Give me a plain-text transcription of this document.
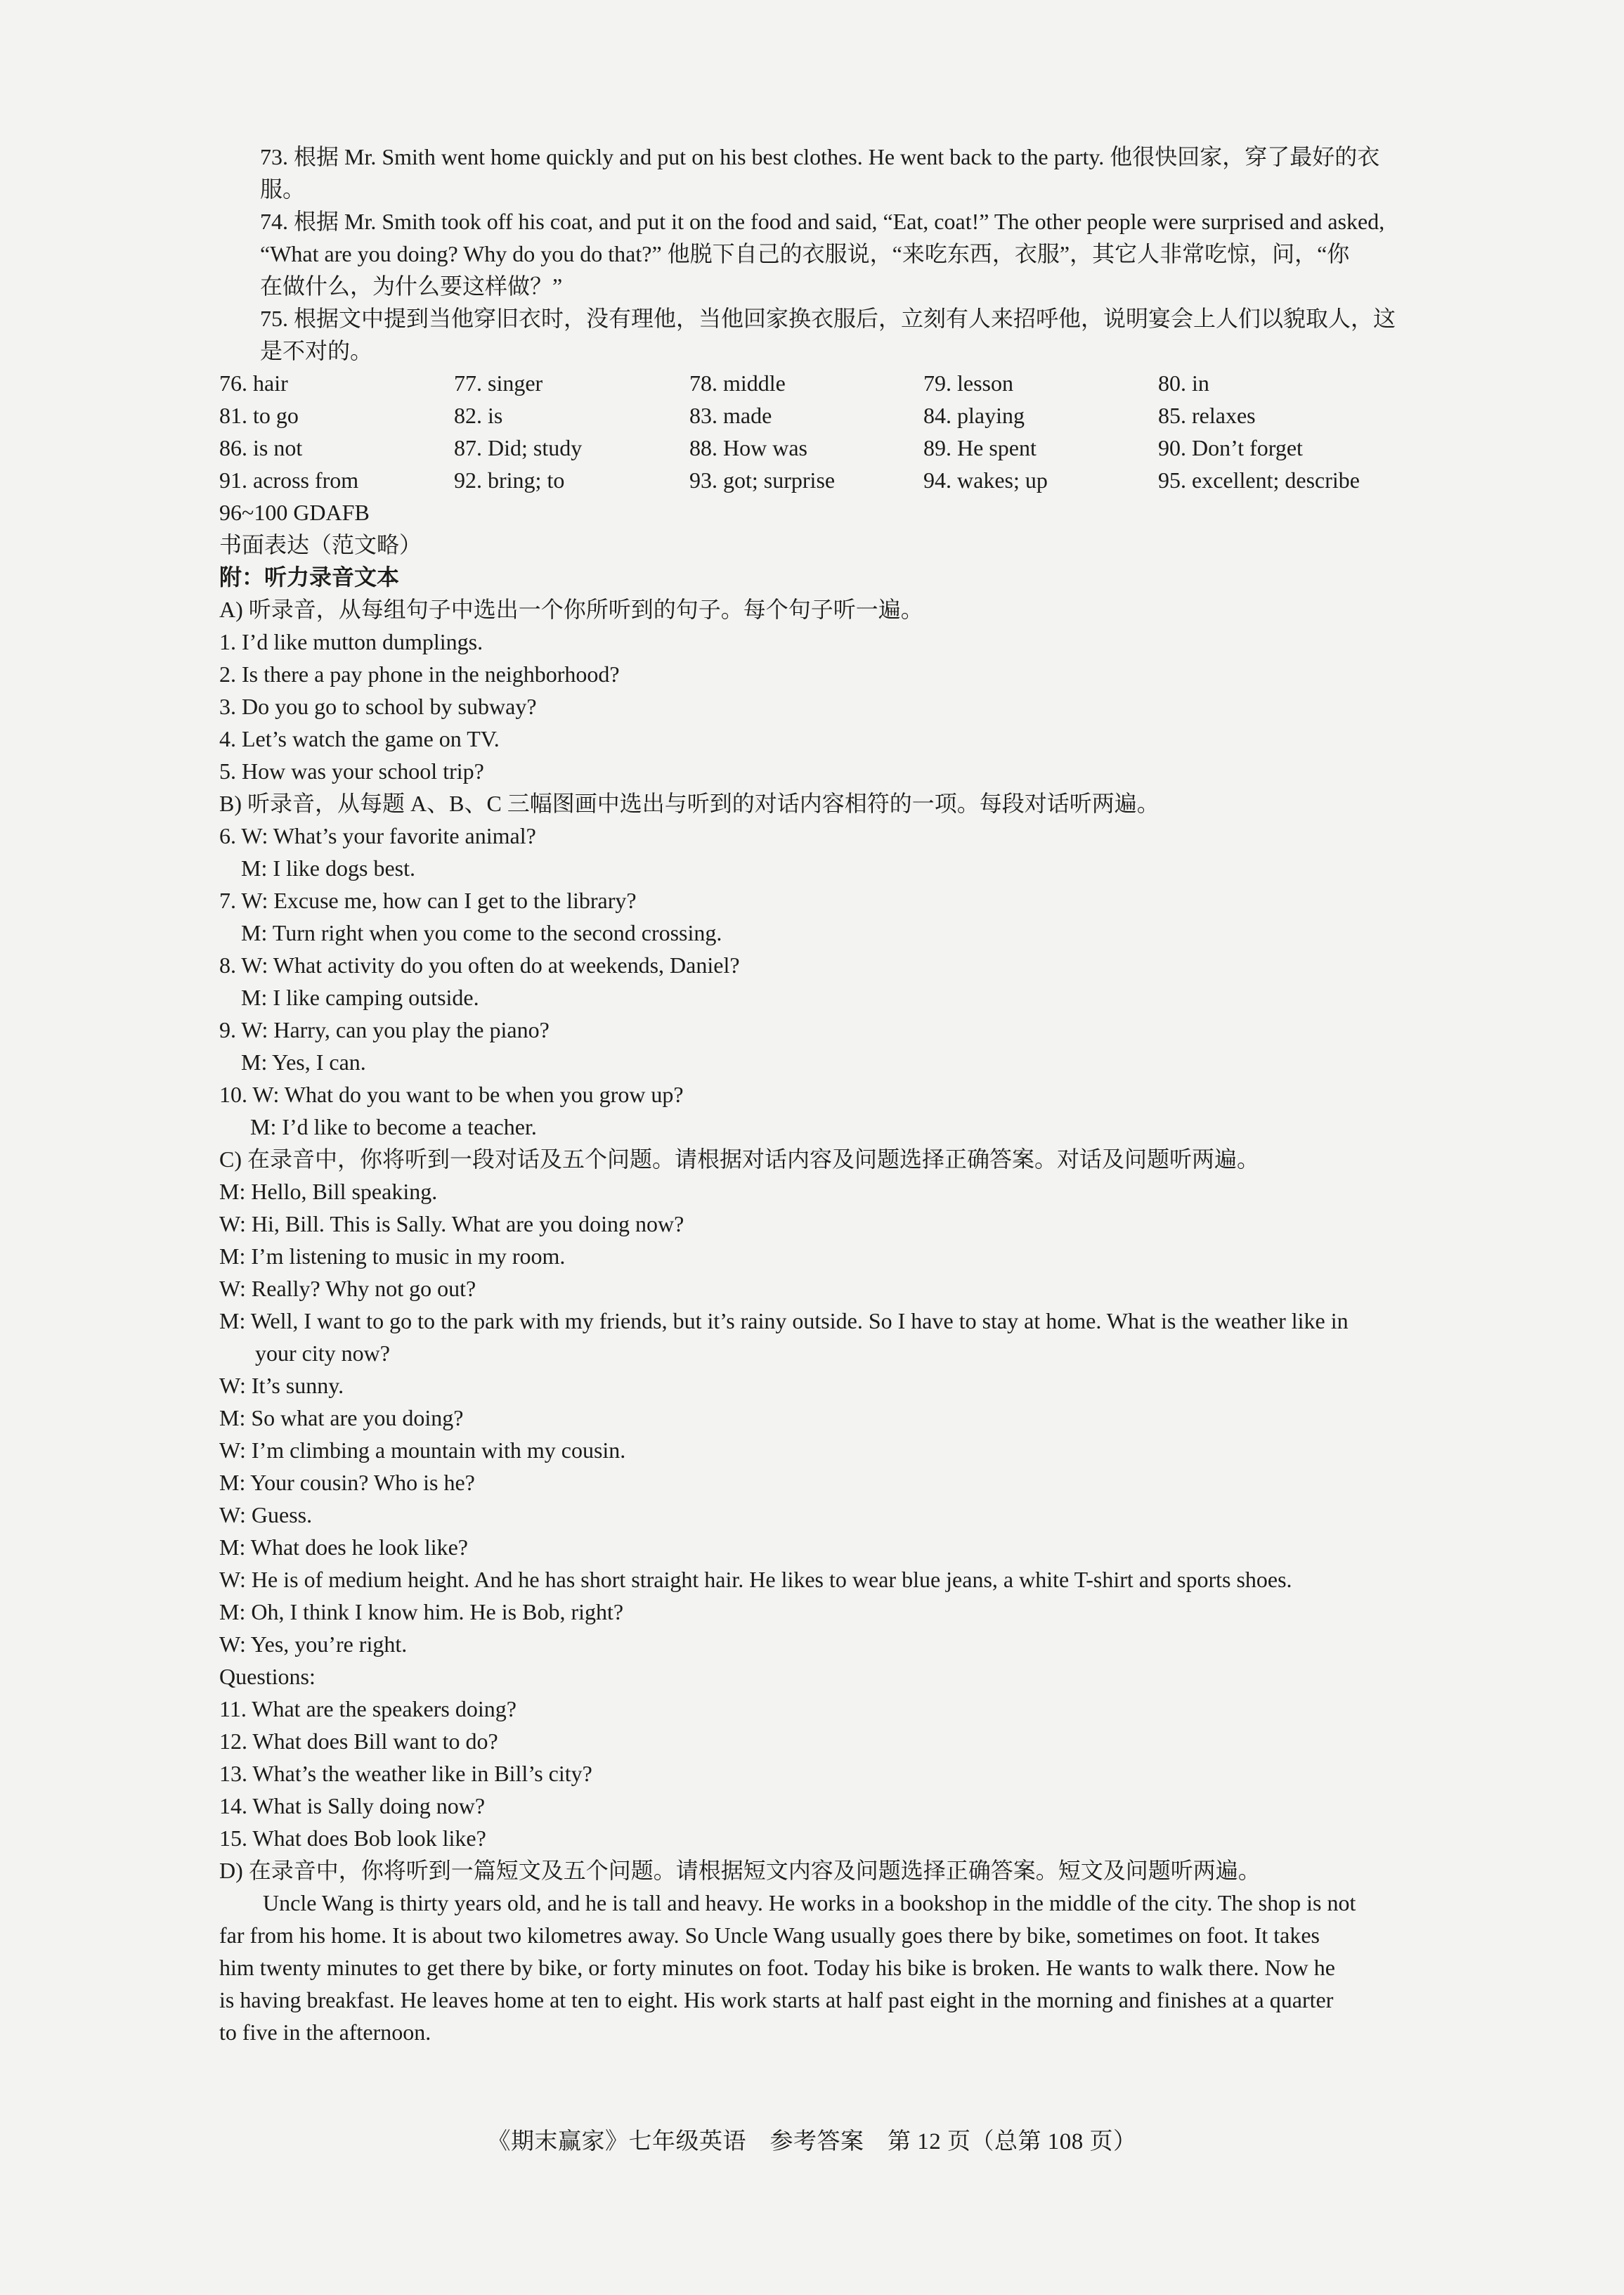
73. 根据 Mr. Smith went home quickly and put on his best clothes. He went back to the party. 他很快回家，穿了最好的衣
服。
74. 根据 Mr. Smith took off his coat, and put it on the food and said, “Eat, coat!” The other people were surprised and asked,
“What are you doing? Why do you do that?” 他脱下自己的衣服说，“来吃东西，衣服”，其它人非常吃惊，问，“你
在做什么，为什么要这样做？”
75. 根据文中提到当他穿旧衣时，没有理他，当他回家换衣服后，立刻有人来招呼他，说明宴会上人们以貌取人，这
是不对的。
76. hair	77. singer	78. middle	79. lesson	80. in
81. to go	82. is	83. made	84. playing	85. relaxes
86. is not	87. Did; study	88. How was	89. He spent	90. Don’t forget
91. across from	92. bring; to	93. got; surprise	94. wakes; up	95. excellent; describe
96~100 GDAFB
书面表达（范文略）
附：听力录音文本
A) 听录音，从每组句子中选出一个你所听到的句子。每个句子听一遍。
1. I’d like mutton dumplings.
2. Is there a pay phone in the neighborhood?
3. Do you go to school by subway?
4. Let’s watch the game on TV.
5. How was your school trip?
B) 听录音，从每题 A、B、C 三幅图画中选出与听到的对话内容相符的一项。每段对话听两遍。
6. W: What’s your favorite animal?
M: I like dogs best.
7. W: Excuse me, how can I get to the library?
M: Turn right when you come to the second crossing.
8. W: What activity do you often do at weekends, Daniel?
M: I like camping outside.
9. W: Harry, can you play the piano?
M: Yes, I can.
10. W: What do you want to be when you grow up?
M: I’d like to become a teacher.
C) 在录音中，你将听到一段对话及五个问题。请根据对话内容及问题选择正确答案。对话及问题听两遍。
M: Hello, Bill speaking.
W: Hi, Bill. This is Sally. What are you doing now?
M: I’m listening to music in my room.
W: Really? Why not go out?
M: Well, I want to go to the park with my friends, but it’s rainy outside. So I have to stay at home. What is the weather like in
your city now?
W: It’s sunny.
M: So what are you doing?
W: I’m climbing a mountain with my cousin.
M: Your cousin? Who is he?
W: Guess.
M: What does he look like?
W: He is of medium height. And he has short straight hair. He likes to wear blue jeans, a white T-shirt and sports shoes.
M: Oh, I think I know him. He is Bob, right?
W: Yes, you’re right.
Questions:
11. What are the speakers doing?
12. What does Bill want to do?
13. What’s the weather like in Bill’s city?
14. What is Sally doing now?
15. What does Bob look like?
D) 在录音中，你将听到一篇短文及五个问题。请根据短文内容及问题选择正确答案。短文及问题听两遍。
Uncle Wang is thirty years old, and he is tall and heavy. He works in a bookshop in the middle of the city. The shop is not
far from his home. It is about two kilometres away. So Uncle Wang usually goes there by bike, sometimes on foot. It takes
him twenty minutes to get there by bike, or forty minutes on foot. Today his bike is broken. He wants to walk there. Now he
is having breakfast. He leaves home at ten to eight. His work starts at half past eight in the morning and finishes at a quarter
to five in the afternoon.
《期末赢家》七年级英语　参考答案　第 12 页（总第 108 页）
